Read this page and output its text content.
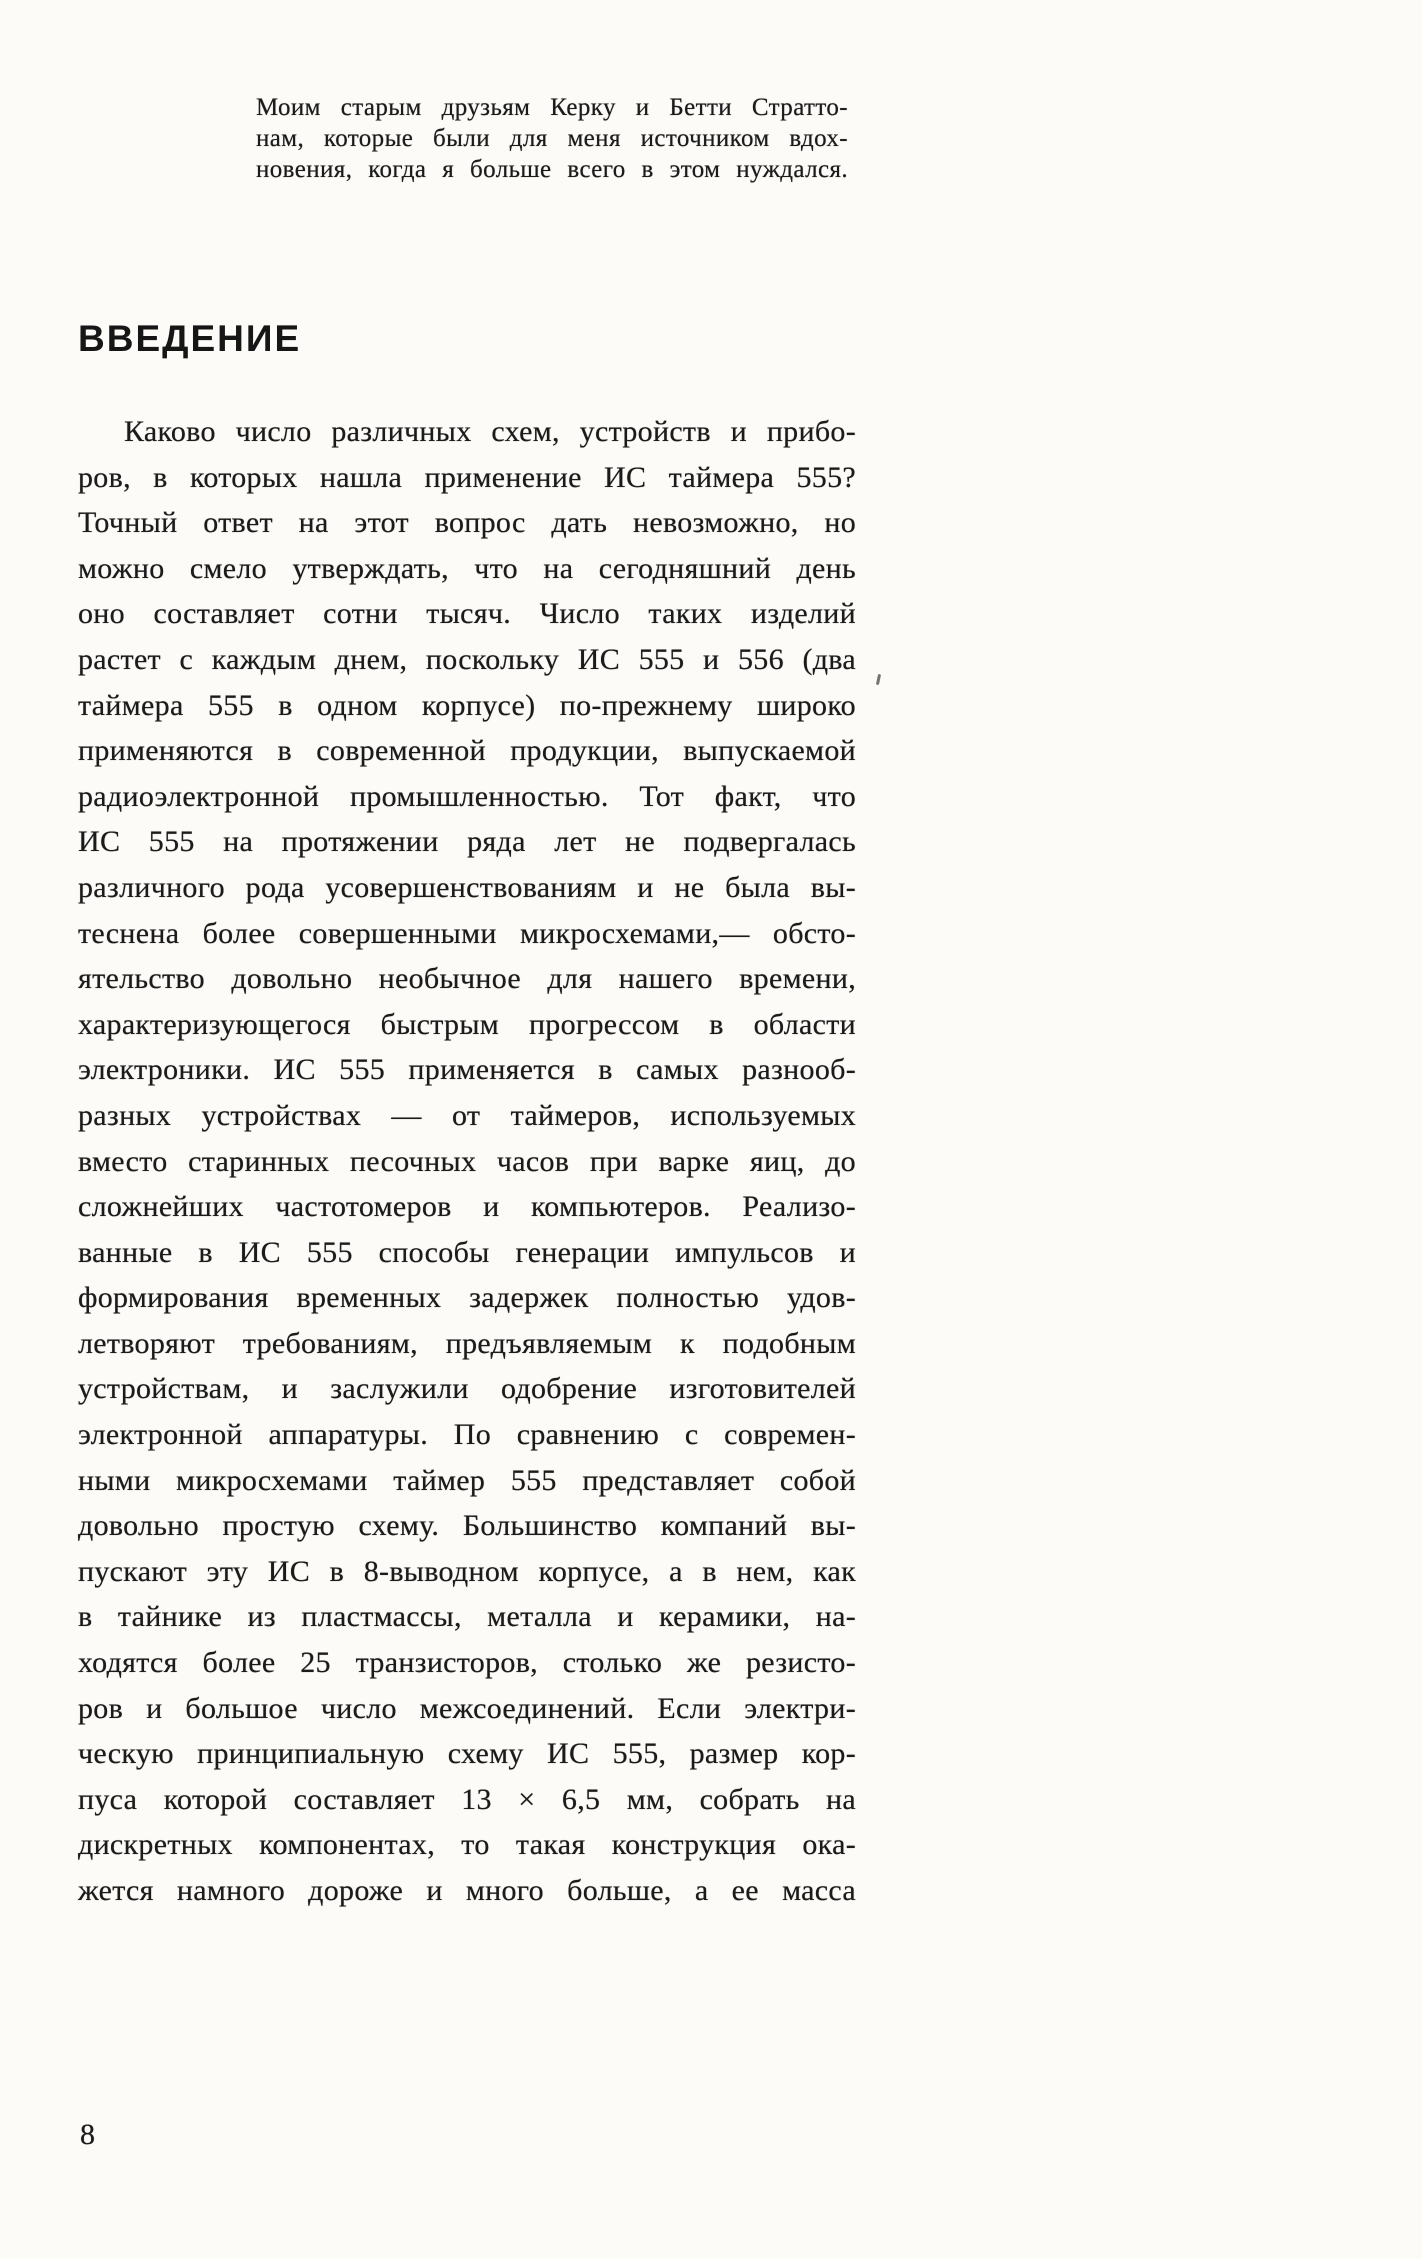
Моим старым друзьям Керку и Бетти Стратто-
нам, которые были для меня источником вдох-
новения, когда я больше всего в этом нуждался.
ВВЕДЕНИЕ
Каково число различных схем, устройств и прибо-
ров, в которых нашла применение ИС таймера 555?
Точный ответ на этот вопрос дать невозможно, но
можно смело утверждать, что на сегодняшний день
оно составляет сотни тысяч. Число таких изделий
растет с каждым днем, поскольку ИС 555 и 556 (два
таймера 555 в одном корпусе) по-прежнему широко
применяются в современной продукции, выпускаемой
радиоэлектронной промышленностью. Тот факт, что
ИС 555 на протяжении ряда лет не подвергалась
различного рода усовершенствованиям и не была вы-
теснена более совершенными микросхемами,— обсто-
ятельство довольно необычное для нашего времени,
характеризующегося быстрым прогрессом в области
электроники. ИС 555 применяется в самых разнооб-
разных устройствах — от таймеров, используемых
вместо старинных песочных часов при варке яиц, до
сложнейших частотомеров и компьютеров. Реализо-
ванные в ИС 555 способы генерации импульсов и
формирования временных задержек полностью удов-
летворяют требованиям, предъявляемым к подобным
устройствам, и заслужили одобрение изготовителей
электронной аппаратуры. По сравнению с современ-
ными микросхемами таймер 555 представляет собой
довольно простую схему. Большинство компаний вы-
пускают эту ИС в 8-выводном корпусе, а в нем, как
в тайнике из пластмассы, металла и керамики, на-
ходятся более 25 транзисторов, столько же резисто-
ров и большое число межсоединений. Если электри-
ческую принципиальную схему ИС 555, размер кор-
пуса которой составляет 13 × 6,5 мм, собрать на
дискретных компонентах, то такая конструкция ока-
жется намного дороже и много больше, а ее масса
8
